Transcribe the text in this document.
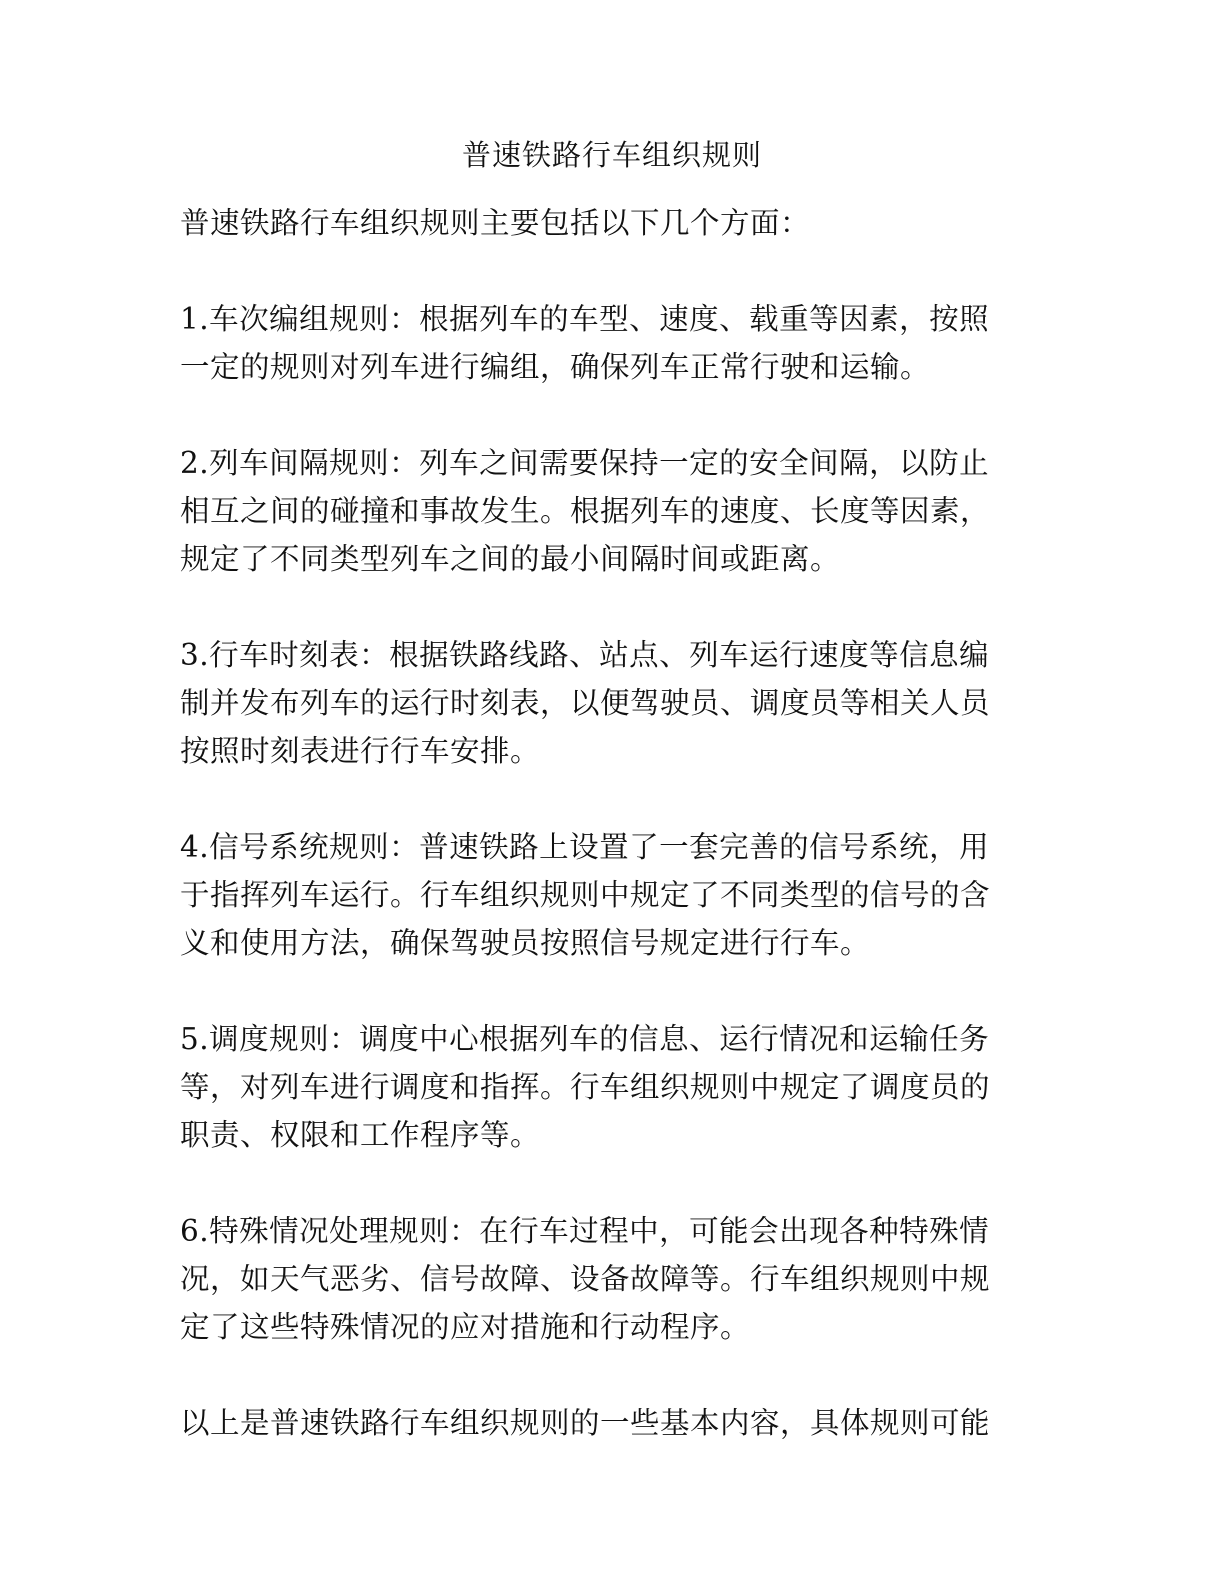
普速铁路行车组织规则

普速铁路行车组织规则主要包括以下几个方面：

1.车次编组规则：根据列车的车型、速度、载重等因素，按照
一定的规则对列车进行编组，确保列车正常行驶和运输。

2.列车间隔规则：列车之间需要保持一定的安全间隔，以防止
相互之间的碰撞和事故发生。根据列车的速度、长度等因素，
规定了不同类型列车之间的最小间隔时间或距离。

3.行车时刻表：根据铁路线路、站点、列车运行速度等信息编
制并发布列车的运行时刻表，以便驾驶员、调度员等相关人员
按照时刻表进行行车安排。

4.信号系统规则：普速铁路上设置了一套完善的信号系统，用
于指挥列车运行。行车组织规则中规定了不同类型的信号的含
义和使用方法，确保驾驶员按照信号规定进行行车。

5.调度规则：调度中心根据列车的信息、运行情况和运输任务
等，对列车进行调度和指挥。行车组织规则中规定了调度员的
职责、权限和工作程序等。

6.特殊情况处理规则：在行车过程中，可能会出现各种特殊情
况，如天气恶劣、信号故障、设备故障等。行车组织规则中规
定了这些特殊情况的应对措施和行动程序。

以上是普速铁路行车组织规则的一些基本内容，具体规则可能
